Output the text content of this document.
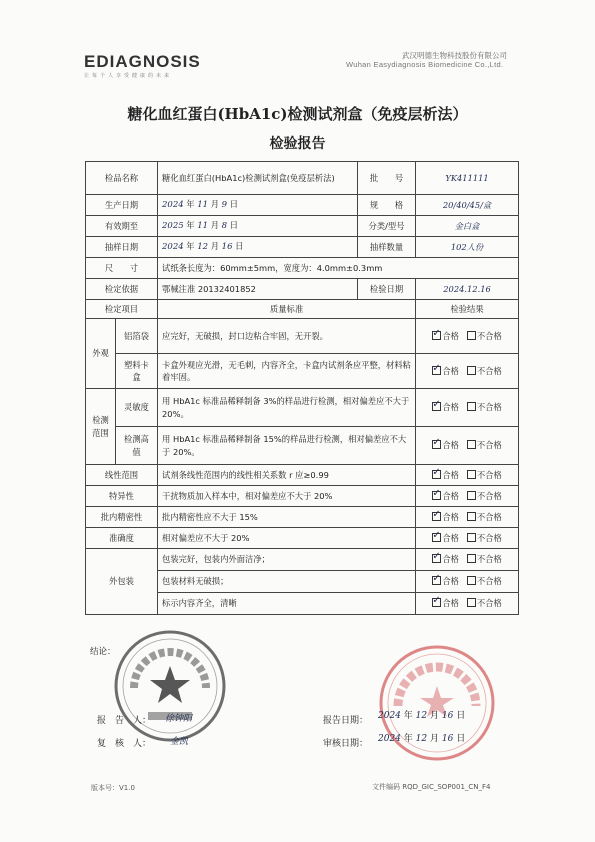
EDIAGNOSIS
让每个人享受健康的未来
武汉明德生物科技股份有限公司
Wuhan Easydiagnosis Biomedicine Co.,Ltd.
糖化血红蛋白(HbA1c)检测试剂盒（免疫层析法）
检验报告
检品名称		糖化血红蛋白(HbA1c)检测试剂盒(免疫层析法)	批　　号	YK411111
生产日期		2024 年 11 月 9 日	规　　格	20/40/45/盒
有效期至		2025 年 11 月 8 日	分类/型号	金白盒
抽样日期		2024 年 12 月 16 日	抽样数量	102人份
尺　　寸		试纸条长度为：60mm±5mm，宽度为：4.0mm±0.3mm		
检定依据		鄂械注准 20132401852	检验日期	2024.12.16
检定项目		质量标准		检验结果
外观	铝箔袋	应完好，无破损，封口边粘合牢固，无开裂。	✓合格 不合格
	塑料卡盒	卡盒外观应光滑，无毛刺，内容齐全，卡盒内试剂条应平整，材料粘着牢固。	✓合格 不合格
检测范围	灵敏度	用 HbA1c 标准品稀释制备 3%的样品进行检测，相对偏差应不大于 20%。	✓合格 不合格
	检测高值	用 HbA1c 标准品稀释制备 15%的样品进行检测，相对偏差应不大于 20%。	✓合格 不合格
线性范围		试剂条线性范围内的线性相关系数 r 应≥0.99	✓合格 不合格
特异性		干扰物质加入样本中，相对偏差应不大于 20%	✓合格 不合格
批内精密性		批内精密性应不大于 15%	✓合格 不合格
准确度		相对偏差应不大于 20%	✓合格 不合格
外包装		包装完好，包装内外面洁净；	✓合格 不合格
		包装材料无破损；	✓合格 不合格
		标示内容齐全，清晰	✓合格 不合格
结论：
报　告　人： 徐钟阳
复　核　人： 金凯
报告日期： 2024 年 12 月 16 日
审核日期： 2024 年 12 月 16 日
版本号：V1.0	文件编码 RQD_GIC_SOP001_CN_F4
